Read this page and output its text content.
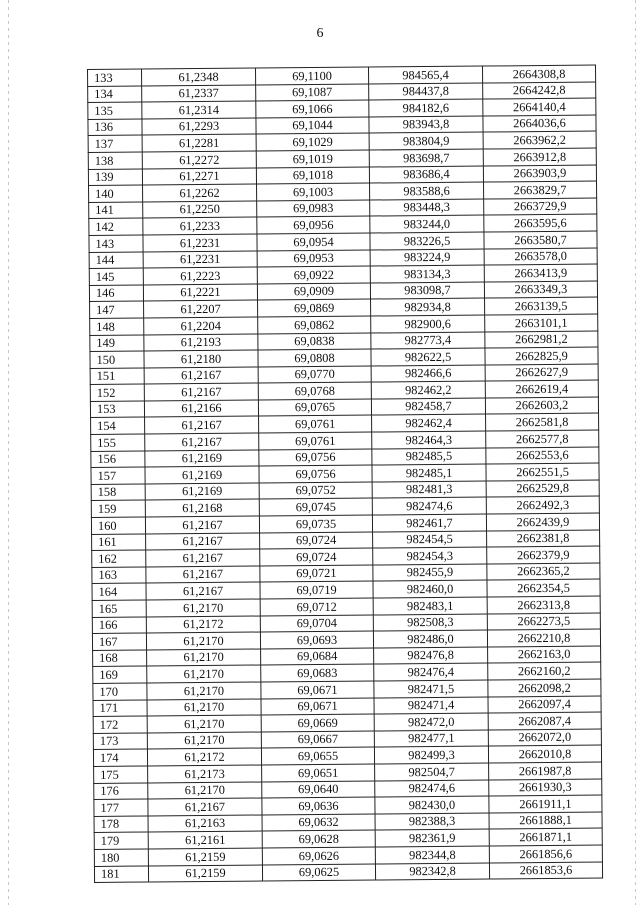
6
133	61,2348	69,1100	984565,4	2664308,8
134	61,2337	69,1087	984437,8	2664242,8
135	61,2314	69,1066	984182,6	2664140,4
136	61,2293	69,1044	983943,8	2664036,6
137	61,2281	69,1029	983804,9	2663962,2
138	61,2272	69,1019	983698,7	2663912,8
139	61,2271	69,1018	983686,4	2663903,9
140	61,2262	69,1003	983588,6	2663829,7
141	61,2250	69,0983	983448,3	2663729,9
142	61,2233	69,0956	983244,0	2663595,6
143	61,2231	69,0954	983226,5	2663580,7
144	61,2231	69,0953	983224,9	2663578,0
145	61,2223	69,0922	983134,3	2663413,9
146	61,2221	69,0909	983098,7	2663349,3
147	61,2207	69,0869	982934,8	2663139,5
148	61,2204	69,0862	982900,6	2663101,1
149	61,2193	69,0838	982773,4	2662981,2
150	61,2180	69,0808	982622,5	2662825,9
151	61,2167	69,0770	982466,6	2662627,9
152	61,2167	69,0768	982462,2	2662619,4
153	61,2166	69,0765	982458,7	2662603,2
154	61,2167	69,0761	982462,4	2662581,8
155	61,2167	69,0761	982464,3	2662577,8
156	61,2169	69,0756	982485,5	2662553,6
157	61,2169	69,0756	982485,1	2662551,5
158	61,2169	69,0752	982481,3	2662529,8
159	61,2168	69,0745	982474,6	2662492,3
160	61,2167	69,0735	982461,7	2662439,9
161	61,2167	69,0724	982454,5	2662381,8
162	61,2167	69,0724	982454,3	2662379,9
163	61,2167	69,0721	982455,9	2662365,2
164	61,2167	69,0719	982460,0	2662354,5
165	61,2170	69,0712	982483,1	2662313,8
166	61,2172	69,0704	982508,3	2662273,5
167	61,2170	69,0693	982486,0	2662210,8
168	61,2170	69,0684	982476,8	2662163,0
169	61,2170	69,0683	982476,4	2662160,2
170	61,2170	69,0671	982471,5	2662098,2
171	61,2170	69,0671	982471,4	2662097,4
172	61,2170	69,0669	982472,0	2662087,4
173	61,2170	69,0667	982477,1	2662072,0
174	61,2172	69,0655	982499,3	2662010,8
175	61,2173	69,0651	982504,7	2661987,8
176	61,2170	69,0640	982474,6	2661930,3
177	61,2167	69,0636	982430,0	2661911,1
178	61,2163	69,0632	982388,3	2661888,1
179	61,2161	69,0628	982361,9	2661871,1
180	61,2159	69,0626	982344,8	2661856,6
181	61,2159	69,0625	982342,8	2661853,6
